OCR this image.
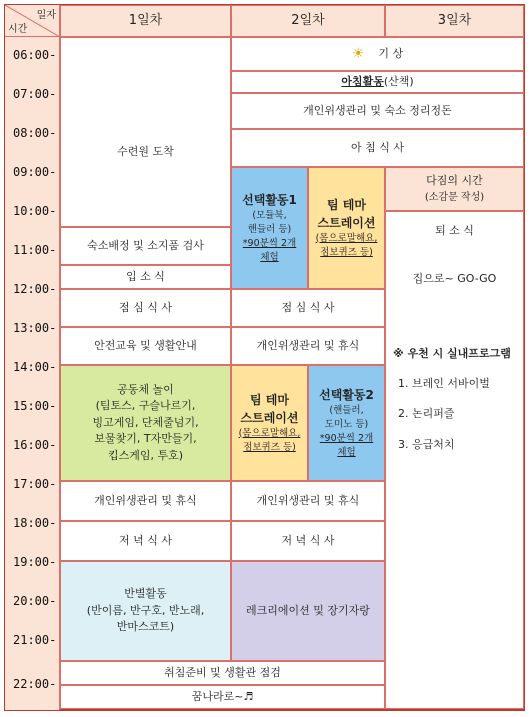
일자
시간
1일차	2일차	3일차
06:00-
07:00-
08:00-
09:00-
10:00-
11:00-
12:00-
13:00-
14:00-
15:00-
16:00-
17:00-
18:00-
19:00-
20:00-
21:00-
22:00-
수련원 도착
숙소배정 및 소지품 검사
입 소 식
점 심 식 사
안전교육 및 생활안내
공동체 놀이
(팀토스, 구슬나르기,
빙고게임, 단체줄넘기,
보물찾기, T자만들기,
킵스게임, 투호)
개인위생관리 및 휴식
저 녁 식 사
반별활동
(반이름, 반구호, 반노래,
반마스코트)
☀ 기 상
아침활동 (산책)
개인위생관리 및 숙소 정리정돈
아 침 식 사
선택활동1
(모듈북,
핸들러 등)
*90분씩 2개
체험
팀 테마
스트레이션
(몸으로말해요,
점보퀴즈 등)
점 심 식 사
개인위생관리 및 휴식
팀 테마
스트레이션
(몸으로말해요,
점보퀴즈 등)
선택활동2
(핸들러,
도미노 등)
*90분씩 2개
체험
개인위생관리 및 휴식
저 녁 식 사
레크리에이션 및 장기자랑
취침준비 및 생활관 점검
꿈나라로~♬
다짐의 시간
(소감문 작성)
퇴 소 식
집으로~ GO-GO
※ 우천 시 실내프로그램
1. 브레인 서바이벌
2. 논리퍼즐
3. 응급처치
